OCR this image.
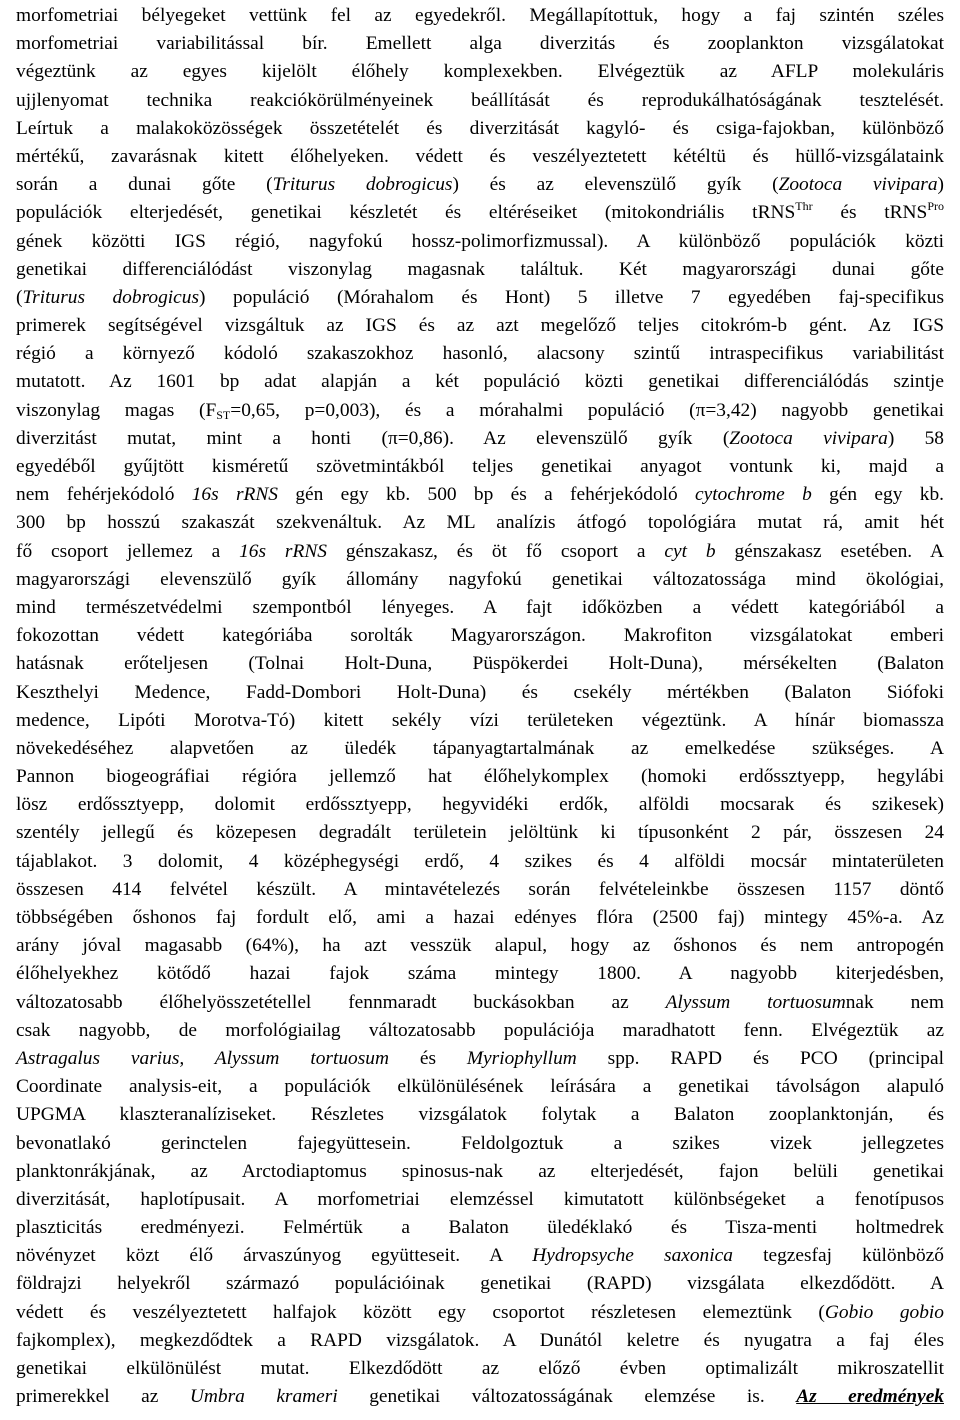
morfometriai bélyegeket vettünk fel az egyedekről. Megállapítottuk, hogy a faj szintén széles
morfometriai variabilitással bír. Emellett alga diverzitás és zooplankton vizsgálatokat
végeztünk az egyes kijelölt élőhely komplexekben. Elvégeztük az AFLP molekuláris
ujjlenyomat technika reakciókörülményeinek beállítását és reprodukálhatóságának tesztelését.
Leírtuk a malakoközösségek összetételét és diverzitását kagyló- és csiga-fajokban, különböző
mértékű, zavarásnak kitett élőhelyeken. védett és veszélyeztetett kétéltü és hüllő-vizsgálataink
során a dunai gőte (Triturus dobrogicus) és az elevenszülő gyík (Zootoca vivipara)
populációk elterjedését, genetikai készletét és eltéréseiket (mitokondriális tRNS$^{Thr}$ és tRNS$^{Pro}$
gének közötti IGS régió, nagyfokú hossz-polimorfizmussal). A különböző populációk közti
genetikai differenciálódást viszonylag magasnak találtuk. Két magyarországi dunai gőte
(Triturus dobrogicus) populáció (Mórahalom és Hont) 5 illetve 7 egyedében faj-specifikus
primerek segítségével vizsgáltuk az IGS és az azt megelőző teljes citokróm-b gént. Az IGS
régió a környező kódoló szakaszokhoz hasonló, alacsony szintű intraspecifikus variabilitást
mutatott. Az 1601 bp adat alapján a két populáció közti genetikai differenciálódás szintje
viszonylag magas ($F_{ST}=0,65$, p=0,003), és a mórahalmi populáció (π=3,42) nagyobb genetikai
diverzitást mutat, mint a honti (π=0,86). Az elevenszülő gyík (Zootoca vivipara) 58
egyedéből gyűjtött kisméretű szövetmintákból teljes genetikai anyagot vontunk ki, majd a
nem fehérjekódoló 16s rRNS gén egy kb. 500 bp és a fehérjekódoló cytochrome b gén egy kb.
300 bp hosszú szakaszát szekvenáltuk. Az ML analízis átfogó topológiára mutat rá, amit hét
fő csoport jellemez a 16s rRNS génszakasz, és öt fő csoport a cyt b génszakasz esetében. A
magyarországi elevenszülő gyík állomány nagyfokú genetikai változatossága mind ökológiai,
mind természetvédelmi szempontból lényeges. A fajt időközben a védett kategóriából a
fokozottan védett kategóriába sorolták Magyarországon. Makrofiton vizsgálatokat emberi
hatásnak erőteljesen (Tolnai Holt-Duna, Püspökerdei Holt-Duna), mérsékelten (Balaton
Keszthelyi Medence, Fadd-Dombori Holt-Duna) és csekély mértékben (Balaton Siófoki
medence, Lipóti Morotva-Tó) kitett sekély vízi területeken végeztünk. A hínár biomassza
növekedéséhez alapvetően az üledék tápanyagtartalmának az emelkedése szükséges. A
Pannon biogeográfiai régióra jellemző hat élőhelykomplex (homoki erdőssztyepp, hegylábi
lösz erdőssztyepp, dolomit erdőssztyepp, hegyvidéki erdők, alföldi mocsarak és szikesek)
szentély jellegű és közepesen degradált területein jelöltünk ki típusonként 2 pár, összesen 24
tájablakot. 3 dolomit, 4 középhegységi erdő, 4 szikes és 4 alföldi mocsár mintaterületen
összesen 414 felvétel készült. A mintavételezés során felvételeinkbe összesen 1157 döntő
többségében őshonos faj fordult elő, ami a hazai edényes flóra (2500 faj) mintegy 45%-a. Az
arány jóval magasabb (64%), ha azt vesszük alapul, hogy az őshonos és nem antropogén
élőhelyekhez kötődő hazai fajok száma mintegy 1800. A nagyobb kiterjedésben,
változatosabb élőhelyösszetétellel fennmaradt buckásokban az Alyssum tortuosumnak nem
csak nagyobb, de morfológiailag változatosabb populációja maradhatott fenn. Elvégeztük az
Astragalus varius, Alyssum tortuosum és Myriophyllum spp. RAPD és PCO (principal
Coordinate analysis-eit, a populációk elkülönülésének leírására a genetikai távolságon alapuló
UPGMA klaszteranalíziseket. Részletes vizsgálatok folytak a Balaton zooplanktonján, és
bevonatlakó gerinctelen fajegyüttesein. Feldolgoztuk a szikes vizek jellegzetes
planktonrákjának, az Arctodiaptomus spinosus-nak az elterjedését, fajon belüli genetikai
diverzitását, haplotípusait. A morfometriai elemzéssel kimutatott különbségeket a fenotípusos
plaszticitás eredményezi. Felmértük a Balaton üledéklakó és Tisza-menti holtmedrek
növényzet közt élő árvaszúnyog együtteseit. A Hydropsyche saxonica tegzesfaj különböző
földrajzi helyekről származó populációinak genetikai (RAPD) vizsgálata elkezdődött. A
védett és veszélyeztetett halfajok között egy csoportot részletesen elemeztünk (Gobio gobio
fajkomplex), megkezdődtek a RAPD vizsgálatok. A Dunától keletre és nyugatra a faj éles
genetikai elkülönülést mutat. Elkezdődött az előző évben optimalizált mikroszatellit
primerekkel az Umbra krameri genetikai változatosságának elemzése is. Az eredmények
